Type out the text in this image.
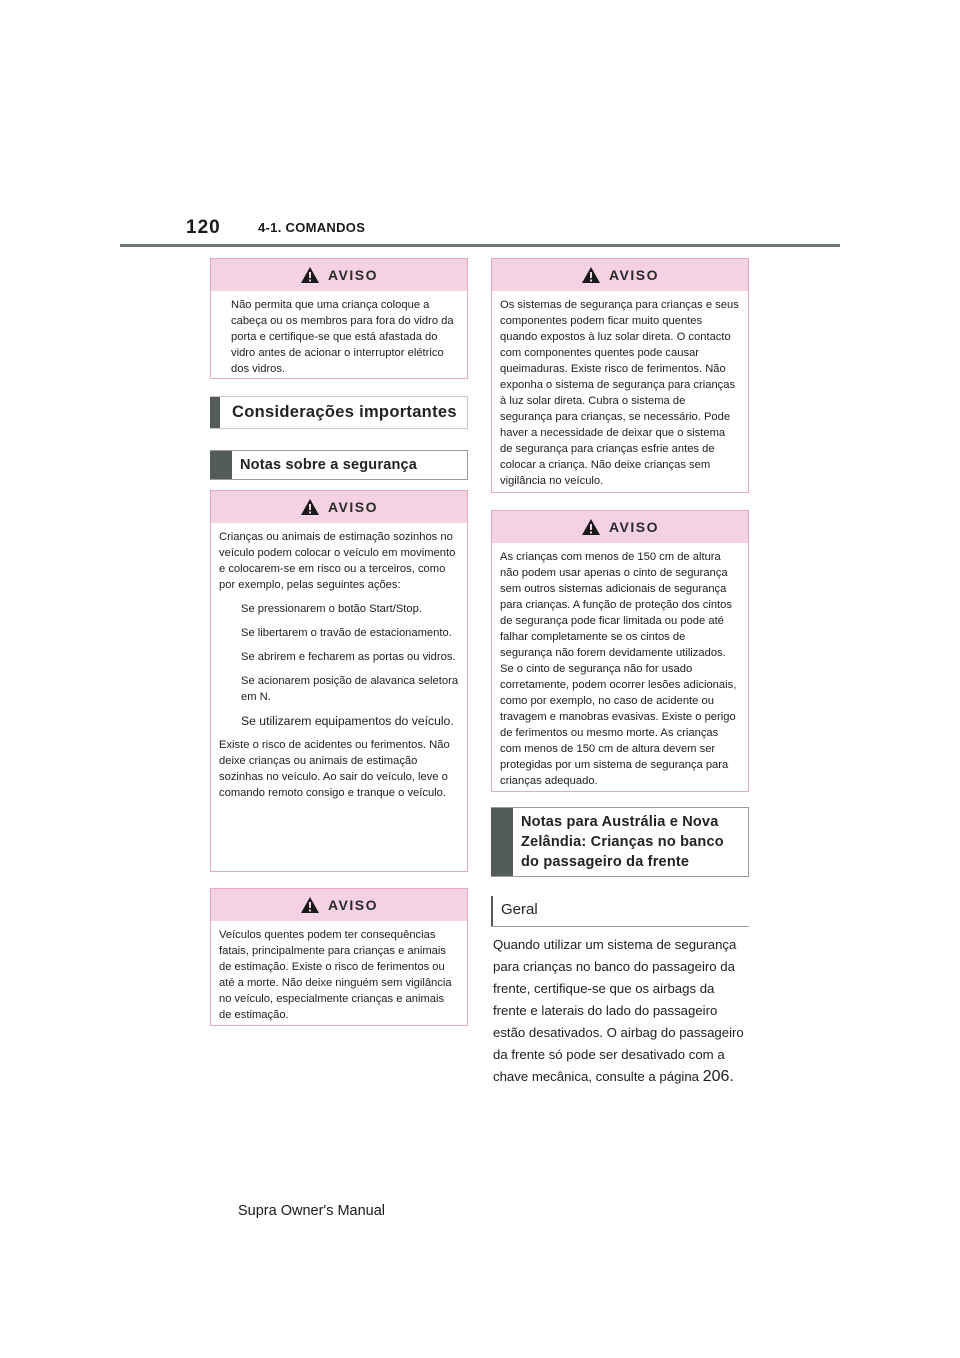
120	4-1. COMANDOS
AVISO
Não permita que uma criança coloque a cabeça ou os membros para fora do vidro da porta e certifique-se que está afastada do vidro antes de acionar o interruptor elétrico dos vidros.
Considerações importantes
Notas sobre a segurança
AVISO

Crianças ou animais de estimação sozinhos no veículo podem colocar o veículo em movimento e colocarem-se em risco ou a terceiros, como por exemplo, pelas seguintes ações:

Se pressionarem o botão Start/Stop.

Se libertarem o travão de estacionamento.

Se abrirem e fecharem as portas ou vidros.

Se acionarem posição de alavanca seletora em N.

Se utilizarem equipamentos do veículo.

Existe o risco de acidentes ou ferimentos. Não deixe crianças ou animais de estimação sozinhas no veículo. Ao sair do veículo, leve o comando remoto consigo e tranque o veículo.

AVISO
Veículos quentes podem ter consequências fatais, principalmente para crianças e animais de estimação. Existe o risco de ferimentos ou até a morte. Não deixe ninguém sem vigilância no veículo, especialmente crianças e animais de estimação.
AVISO
Os sistemas de segurança para crianças e seus componentes podem ficar muito quentes quando expostos à luz solar direta. O contacto com componentes quentes pode causar queimaduras. Existe risco de ferimentos. Não exponha o sistema de segurança para crianças à luz solar direta. Cubra o sistema de segurança para crianças, se necessário. Pode haver a necessidade de deixar que o sistema de segurança para crianças esfrie antes de colocar a criança. Não deixe crianças sem vigilância no veículo.
AVISO
As crianças com menos de 150 cm de altura não podem usar apenas o cinto de segurança sem outros sistemas adicionais de segurança para crianças. A função de proteção dos cintos de segurança pode ficar limitada ou pode até falhar completamente se os cintos de segurança não forem devidamente utilizados. Se o cinto de segurança não for usado corretamente, podem ocorrer lesões adicionais, como por exemplo, no caso de acidente ou travagem e manobras evasivas. Existe o perigo de ferimentos ou mesmo morte. As crianças com menos de 150 cm de altura devem ser protegidas por um sistema de segurança para crianças adequado.
Notas para Austrália e Nova Zelândia: Crianças no banco do passageiro da frente
Geral
Quando utilizar um sistema de segurança para crianças no banco do passageiro da frente, certifique-se que os airbags da frente e laterais do lado do passageiro estão desativados. O airbag do passageiro da frente só pode ser desativado com a chave mecânica, consulte a página 206.
Supra Owner's Manual
